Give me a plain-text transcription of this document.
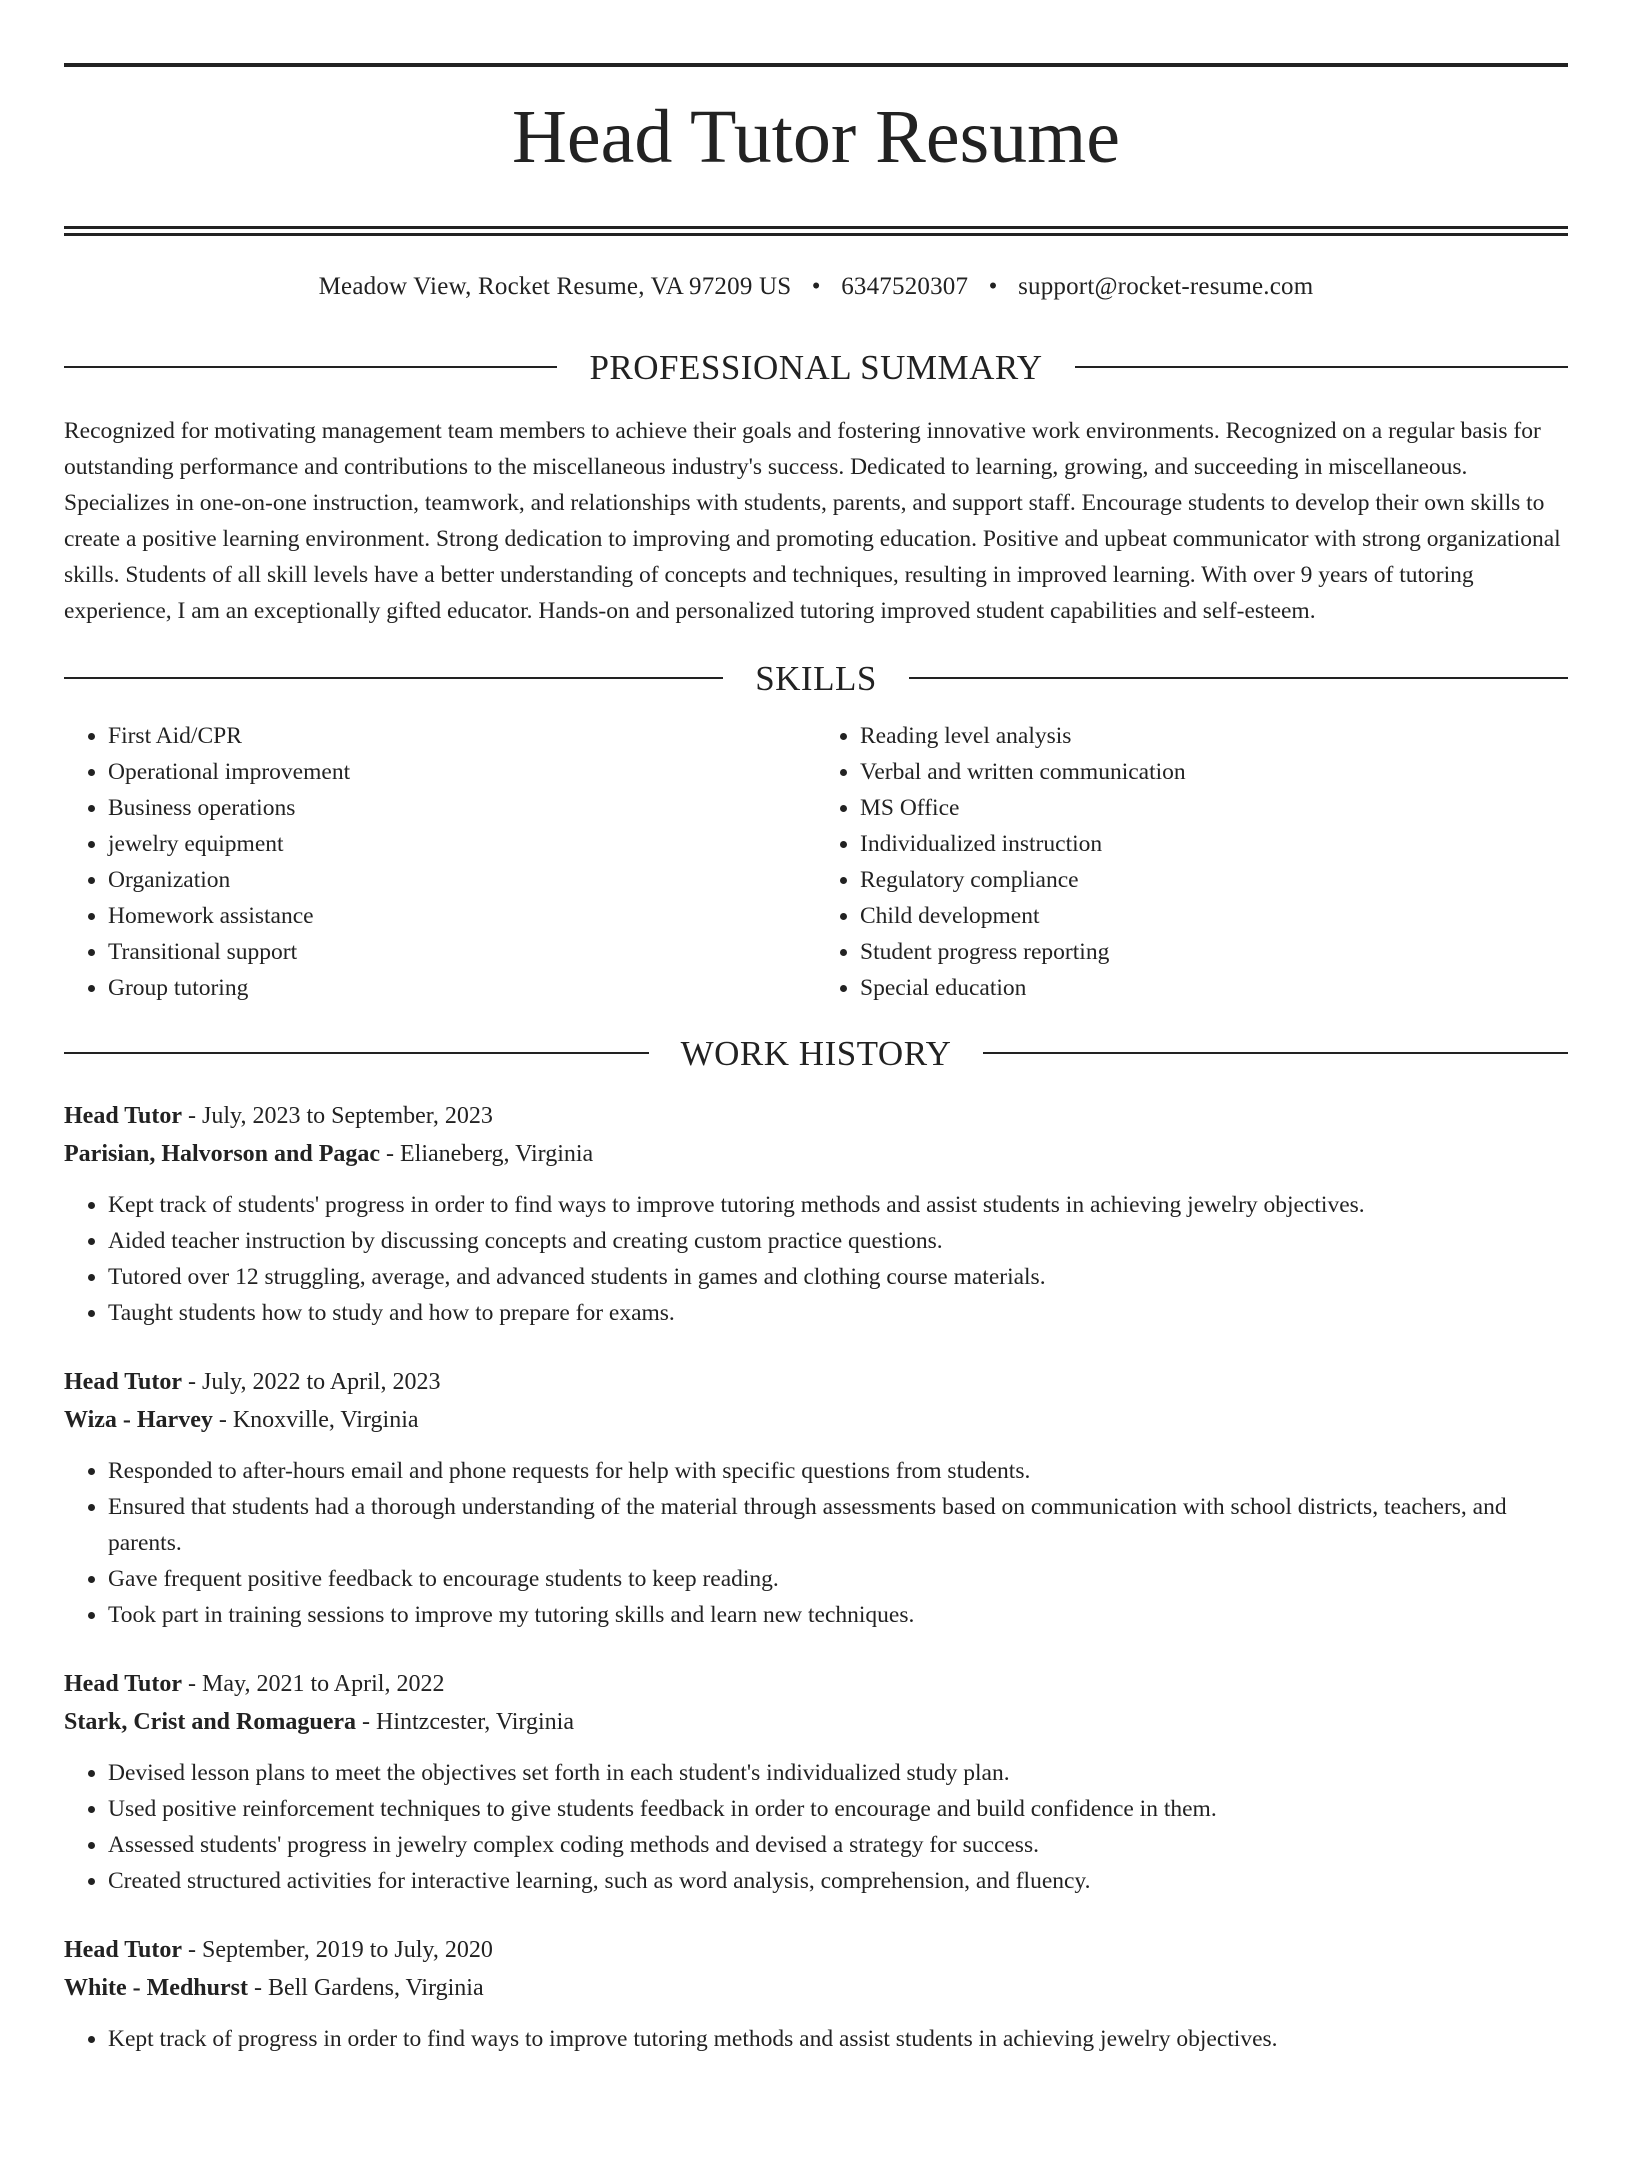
Head Tutor Resume
Meadow View, Rocket Resume, VA 97209 US • 6347520307 • support@rocket-resume.com
PROFESSIONAL SUMMARY
Recognized for motivating management team members to achieve their goals and fostering innovative work environments. Recognized on a regular basis for outstanding performance and contributions to the miscellaneous industry's success. Dedicated to learning, growing, and succeeding in miscellaneous. Specializes in one-on-one instruction, teamwork, and relationships with students, parents, and support staff. Encourage students to develop their own skills to create a positive learning environment. Strong dedication to improving and promoting education. Positive and upbeat communicator with strong organizational skills. Students of all skill levels have a better understanding of concepts and techniques, resulting in improved learning. With over 9 years of tutoring experience, I am an exceptionally gifted educator. Hands-on and personalized tutoring improved student capabilities and self-esteem.
SKILLS
• First Aid/CPR
• Operational improvement
• Business operations
• jewelry equipment
• Organization
• Homework assistance
• Transitional support
• Group tutoring
• Reading level analysis
• Verbal and written communication
• MS Office
• Individualized instruction
• Regulatory compliance
• Child development
• Student progress reporting
• Special education
WORK HISTORY
Head Tutor - July, 2023 to September, 2023
Parisian, Halvorson and Pagac - Elianeberg, Virginia
• Kept track of students' progress in order to find ways to improve tutoring methods and assist students in achieving jewelry objectives.
• Aided teacher instruction by discussing concepts and creating custom practice questions.
• Tutored over 12 struggling, average, and advanced students in games and clothing course materials.
• Taught students how to study and how to prepare for exams.
Head Tutor - July, 2022 to April, 2023
Wiza - Harvey - Knoxville, Virginia
• Responded to after-hours email and phone requests for help with specific questions from students.
• Ensured that students had a thorough understanding of the material through assessments based on communication with school districts, teachers, and parents.
• Gave frequent positive feedback to encourage students to keep reading.
• Took part in training sessions to improve my tutoring skills and learn new techniques.
Head Tutor - May, 2021 to April, 2022
Stark, Crist and Romaguera - Hintzcester, Virginia
• Devised lesson plans to meet the objectives set forth in each student's individualized study plan.
• Used positive reinforcement techniques to give students feedback in order to encourage and build confidence in them.
• Assessed students' progress in jewelry complex coding methods and devised a strategy for success.
• Created structured activities for interactive learning, such as word analysis, comprehension, and fluency.
Head Tutor - September, 2019 to July, 2020
White - Medhurst - Bell Gardens, Virginia
• Kept track of progress in order to find ways to improve tutoring methods and assist students in achieving jewelry objectives.
